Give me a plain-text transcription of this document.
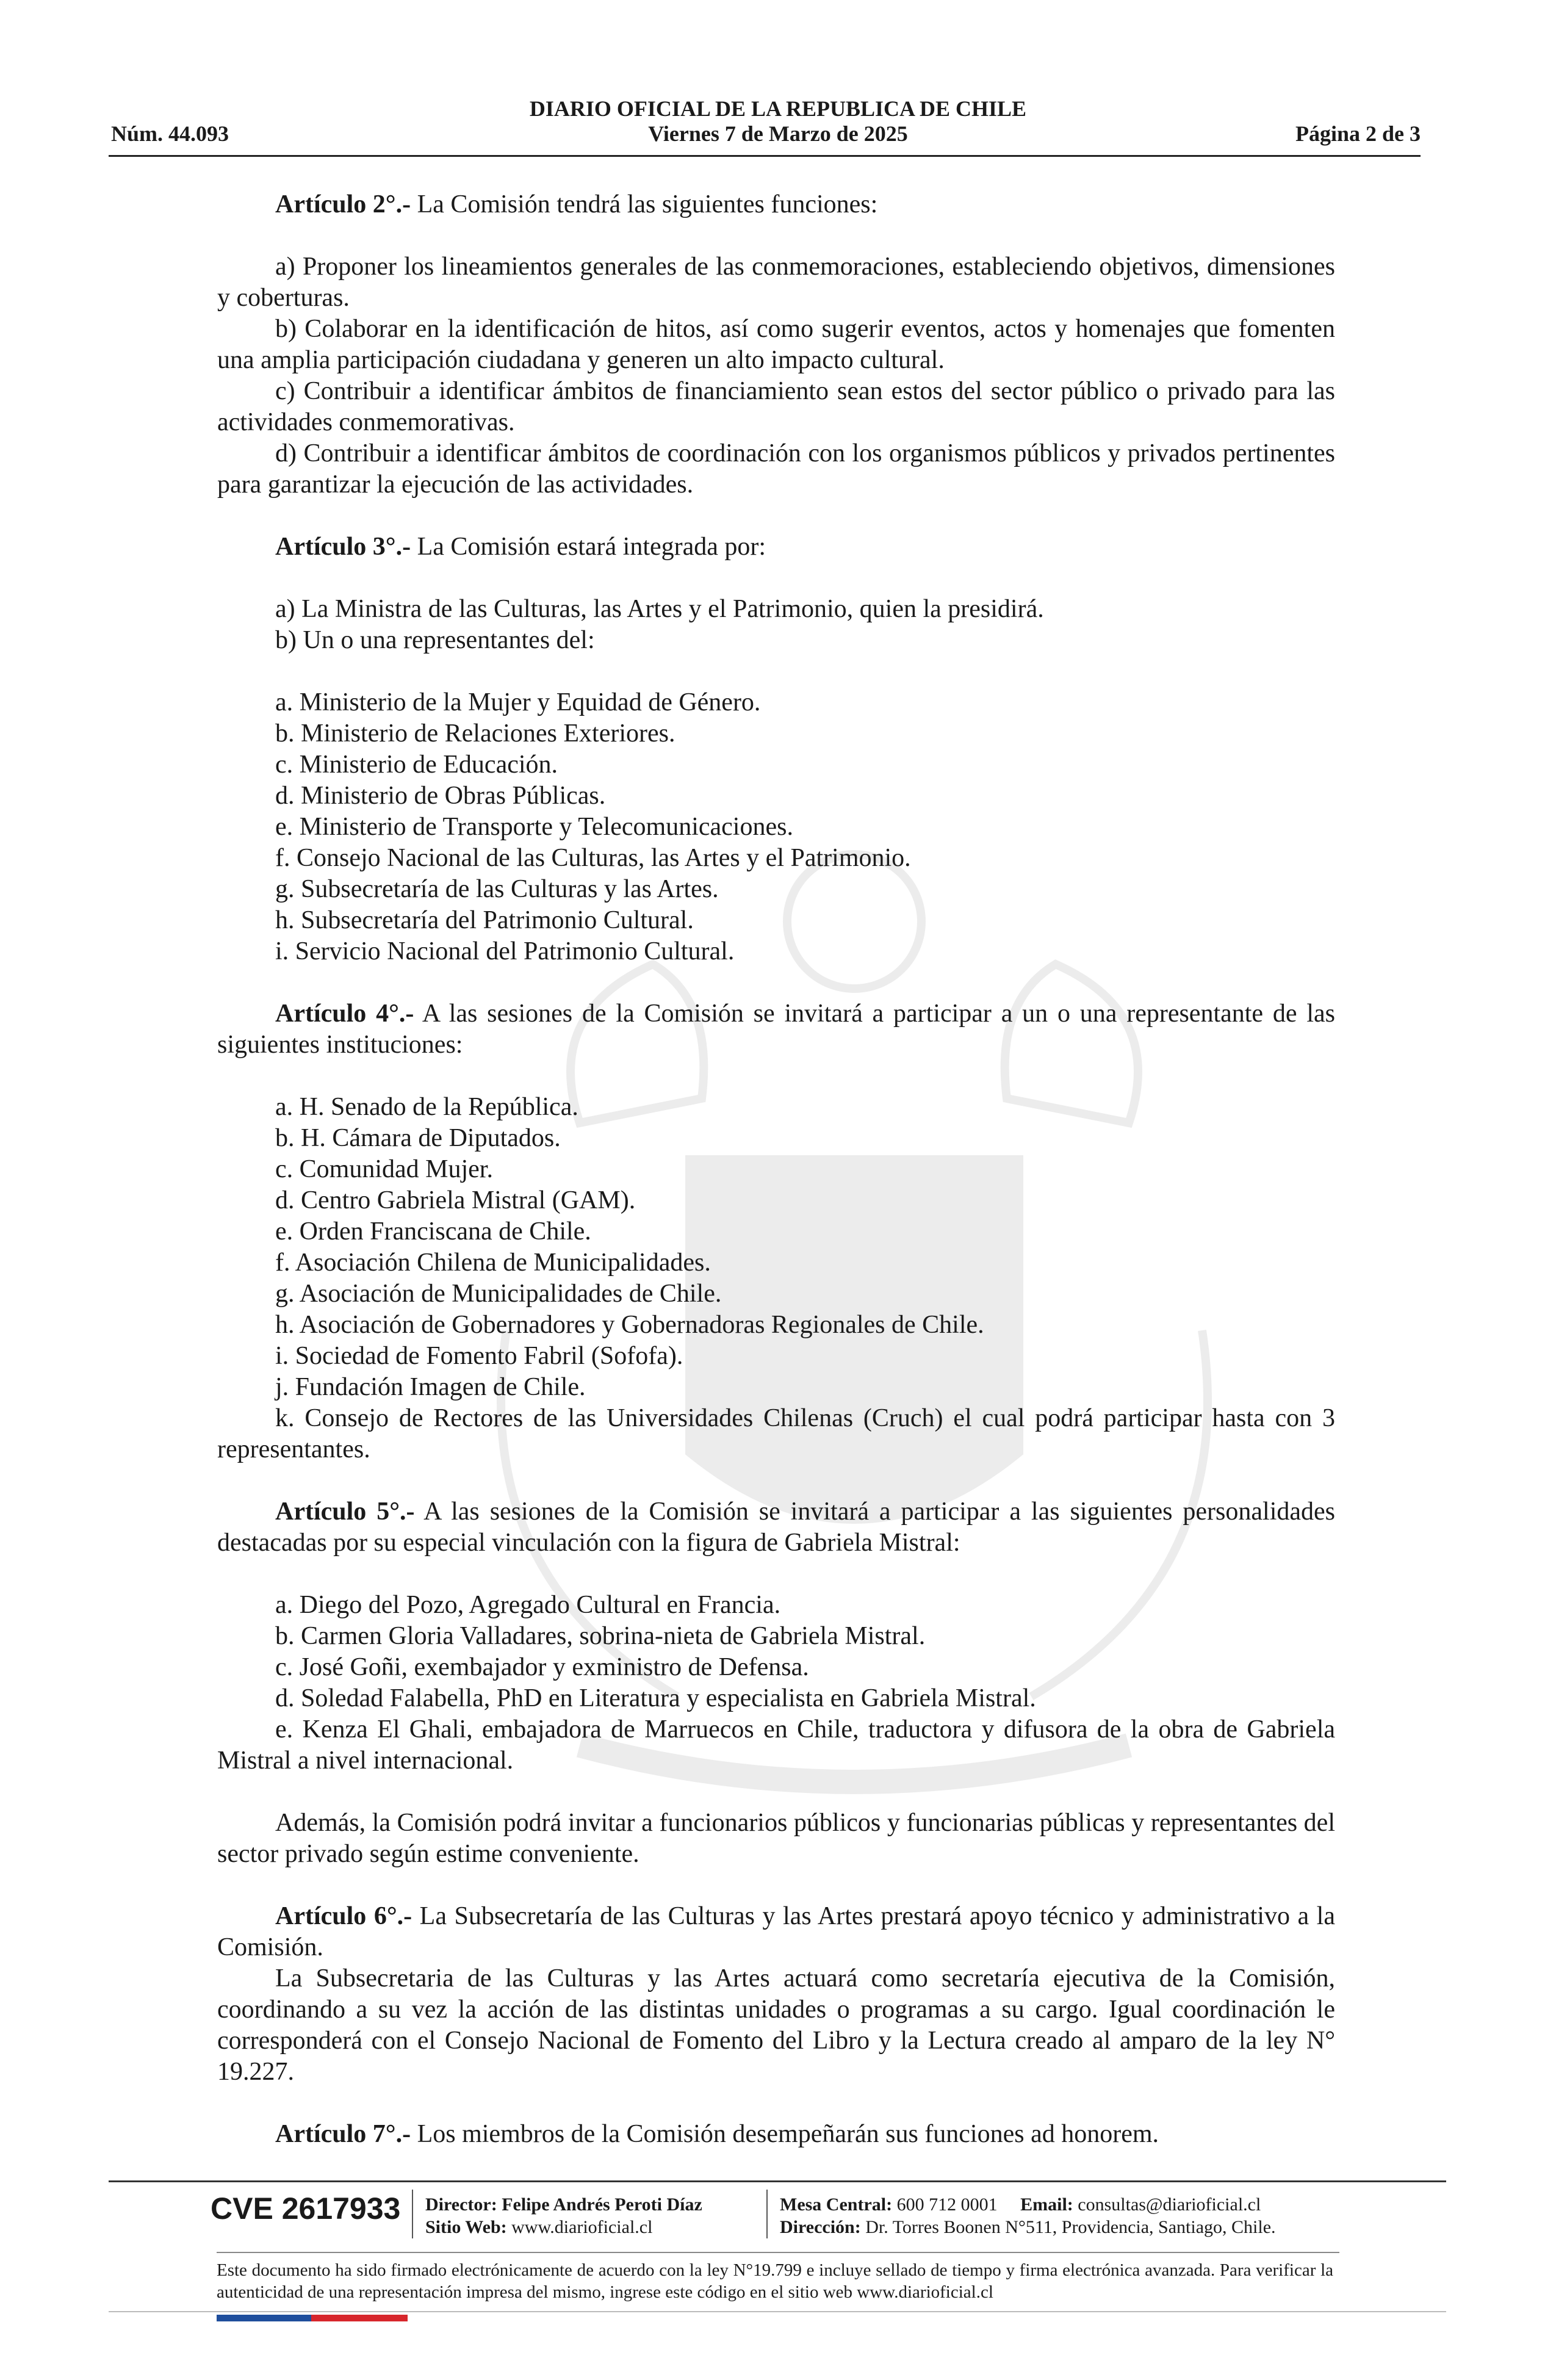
DIARIO OFICIAL DE LA REPUBLICA DE CHILE
Viernes 7 de Marzo de 2025
Núm. 44.093	Página 2 de 3

Artículo 2°.- La Comisión tendrá las siguientes funciones:

a) Proponer los lineamientos generales de las conmemoraciones, estableciendo objetivos, dimensiones y coberturas.

b) Colaborar en la identificación de hitos, así como sugerir eventos, actos y homenajes que fomenten una amplia participación ciudadana y generen un alto impacto cultural.

c) Contribuir a identificar ámbitos de financiamiento sean estos del sector público o privado para las actividades conmemorativas.

d) Contribuir a identificar ámbitos de coordinación con los organismos públicos y privados pertinentes para garantizar la ejecución de las actividades.

Artículo 3°.- La Comisión estará integrada por:

a) La Ministra de las Culturas, las Artes y el Patrimonio, quien la presidirá.

b) Un o una representantes del:

a. Ministerio de la Mujer y Equidad de Género.

b. Ministerio de Relaciones Exteriores.

c. Ministerio de Educación.

d. Ministerio de Obras Públicas.

e. Ministerio de Transporte y Telecomunicaciones.

f. Consejo Nacional de las Culturas, las Artes y el Patrimonio.

g. Subsecretaría de las Culturas y las Artes.

h. Subsecretaría del Patrimonio Cultural.

i. Servicio Nacional del Patrimonio Cultural.

Artículo 4°.- A las sesiones de la Comisión se invitará a participar a un o una representante de las siguientes instituciones:

a. H. Senado de la República.

b. H. Cámara de Diputados.

c. Comunidad Mujer.

d. Centro Gabriela Mistral (GAM).

e. Orden Franciscana de Chile.

f. Asociación Chilena de Municipalidades.

g. Asociación de Municipalidades de Chile.

h. Asociación de Gobernadores y Gobernadoras Regionales de Chile.

i. Sociedad de Fomento Fabril (Sofofa).

j. Fundación Imagen de Chile.

k. Consejo de Rectores de las Universidades Chilenas (Cruch) el cual podrá participar hasta con 3 representantes.

Artículo 5°.- A las sesiones de la Comisión se invitará a participar a las siguientes personalidades destacadas por su especial vinculación con la figura de Gabriela Mistral:

a. Diego del Pozo, Agregado Cultural en Francia.

b. Carmen Gloria Valladares, sobrina-nieta de Gabriela Mistral.

c. José Goñi, exembajador y exministro de Defensa.

d. Soledad Falabella, PhD en Literatura y especialista en Gabriela Mistral.

e. Kenza El Ghali, embajadora de Marruecos en Chile, traductora y difusora de la obra de Gabriela Mistral a nivel internacional.

Además, la Comisión podrá invitar a funcionarios públicos y funcionarias públicas y representantes del sector privado según estime conveniente.

Artículo 6°.- La Subsecretaría de las Culturas y las Artes prestará apoyo técnico y administrativo a la Comisión.

La Subsecretaria de las Culturas y las Artes actuará como secretaría ejecutiva de la Comisión, coordinando a su vez la acción de las distintas unidades o programas a su cargo. Igual coordinación le corresponderá con el Consejo Nacional de Fomento del Libro y la Lectura creado al amparo de la ley N° 19.227.

Artículo 7°.- Los miembros de la Comisión desempeñarán sus funciones ad honorem.

CVE 2617933 Director: Felipe Andrés Peroti Díaz
Sitio Web: www.diarioficial.cl
Mesa Central: 600 712 0001 Email: consultas@diarioficial.cl
Dirección: Dr. Torres Boonen N°511, Providencia, Santiago, Chile.
Este documento ha sido firmado electrónicamente de acuerdo con la ley N°19.799 e incluye sellado de tiempo y firma electrónica avanzada. Para verificar la autenticidad de una representación impresa del mismo, ingrese este código en el sitio web www.diarioficial.cl
